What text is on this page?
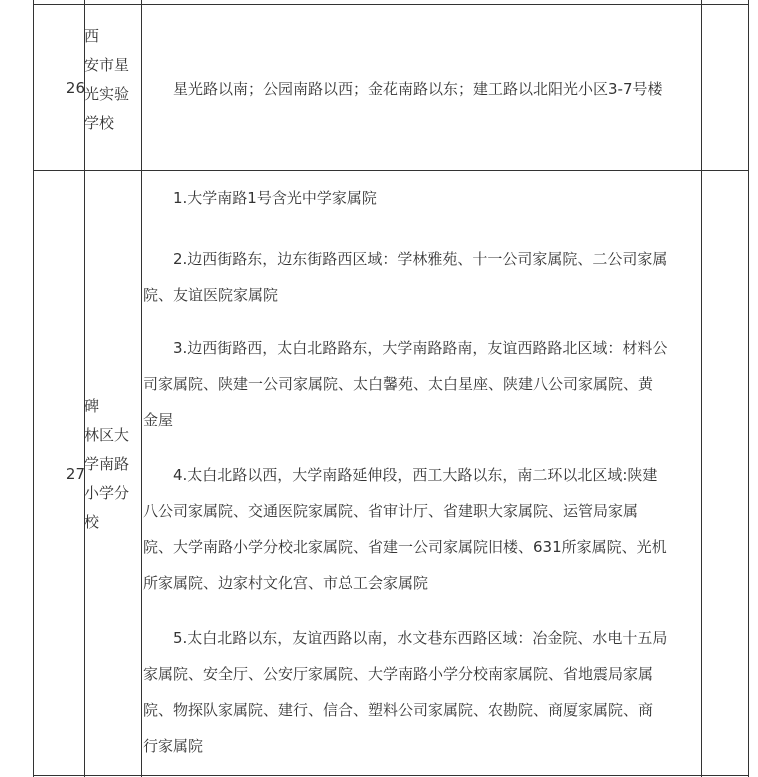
26
西
安市星
光实验
学校
星光路以南；公园南路以西；金花南路以东；建工路以北阳光小区3-7号楼
27
碑
林区大
学南路
小学分
校
1.大学南路1号含光中学家属院
2.边西街路东，边东街路西区域：学林雅苑、十一公司家属院、二公司家属
院、友谊医院家属院
3.边西街路西，太白北路路东，大学南路路南，友谊西路路北区域：材料公
司家属院、陕建一公司家属院、太白馨苑、太白星座、陕建八公司家属院、黄
金屋
4.太白北路以西，大学南路延伸段，西工大路以东，南二环以北区域:陕建
八公司家属院、交通医院家属院、省审计厅、省建职大家属院、运管局家属
院、大学南路小学分校北家属院、省建一公司家属院旧楼、631所家属院、光机
所家属院、边家村文化宫、市总工会家属院
5.太白北路以东，友谊西路以南，水文巷东西路区域：冶金院、水电十五局
家属院、安全厅、公安厅家属院、大学南路小学分校南家属院、省地震局家属
院、物探队家属院、建行、信合、塑料公司家属院、农勘院、商厦家属院、商
行家属院
